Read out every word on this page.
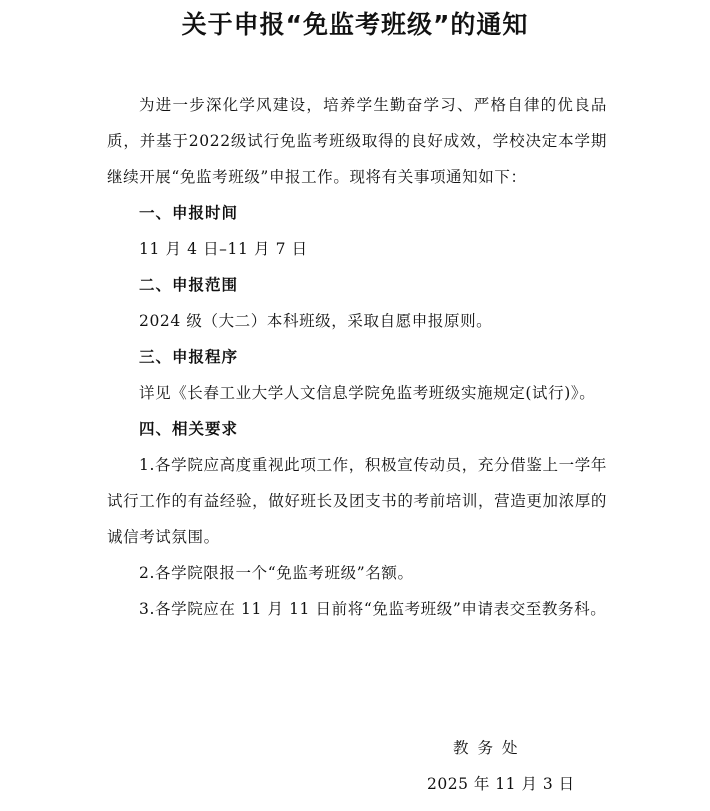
关于申报“免监考班级”的通知

为进一步深化学风建设，培养学生勤奋学习、严格自律的优良品质，并基于2022级试行免监考班级取得的良好成效，学校决定本学期继续开展“免监考班级”申报工作。现将有关事项通知如下：

一、申报时间

11 月 4 日–11 月 7 日

二、申报范围

2024 级（大二）本科班级，采取自愿申报原则。

三、申报程序

详见《长春工业大学人文信息学院免监考班级实施规定(试行)》。

四、相关要求

1.各学院应高度重视此项工作，积极宣传动员，充分借鉴上一学年试行工作的有益经验，做好班长及团支书的考前培训，营造更加浓厚的诚信考试氛围。

2.各学院限报一个“免监考班级”名额。

3.各学院应在 11 月 11 日前将“免监考班级”申请表交至教务科。

教务处
2025 年 11 月 3 日
